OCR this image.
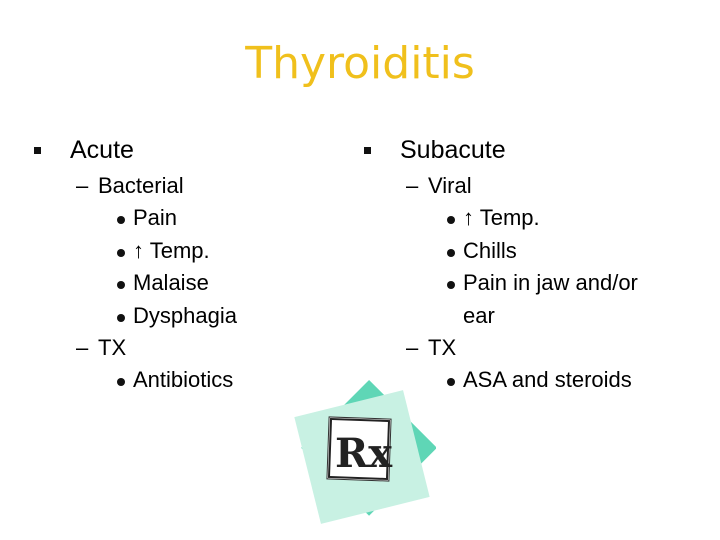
Thyroiditis
Acute
– Bacterial
Pain
↑ Temp.
Malaise
Dysphagia
– TX
Antibiotics
Subacute
– Viral
↑ Temp.
Chills
Pain in jaw and/or
ear
– TX
ASA and steroids
Rx
